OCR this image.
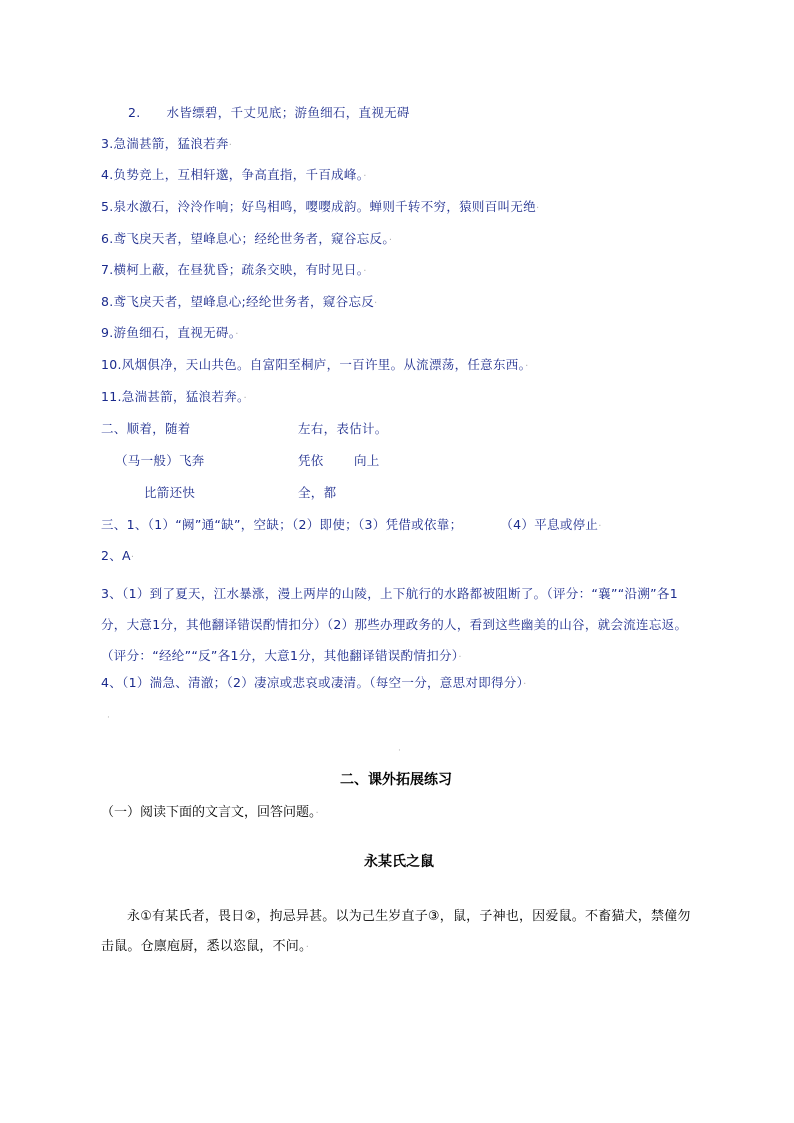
2. 水皆缥碧，千丈见底；游鱼细石，直视无碍
3.急湍甚箭，猛浪若奔·
4.负势竞上，互相轩邈，争高直指，千百成峰。·
5.泉水激石，泠泠作响；好鸟相鸣，嘤嘤成韵。蝉则千转不穷，猿则百叫无绝·
6.鸢飞戾天者，望峰息心；经纶世务者，窥谷忘反。·
7.横柯上蔽，在昼犹昏；疏条交映，有时见日。·
8.鸢飞戾天者，望峰息心;经纶世务者，窥谷忘反·
9.游鱼细石，直视无碍。·
10.风烟俱净，天山共色。自富阳至桐庐，一百许里。从流漂荡，任意东西。·
11.急湍甚箭，猛浪若奔。·
二、顺着，随着	左右，表估计。
（马一般）飞奔	凭依 向上
比箭还快	全，都
三、1、（1）“阙”通“缺”，空缺；（2）即使；（3）凭借或依靠；	（4）平息或停止·
2、A·
3、（1）到了夏天，江水暴涨，漫上两岸的山陵，上下航行的水路都被阻断了。（评分：“襄”“沿溯”各1分，大意1分，其他翻译错误酌情扣分）（2）那些办理政务的人，看到这些幽美的山谷，就会流连忘返。（评分：“经纶”“反”各1分，大意1分，其他翻译错误酌情扣分）·
4、（1）湍急、清澈；（2）凄凉或悲哀或凄清。（每空一分，意思对即得分）·
·
·
二、课外拓展练习
（一）阅读下面的文言文，回答问题。·
永某氏之鼠
永①有某氏者，畏日②，拘忌异甚。以为己生岁直子③，鼠，子神也，因爱鼠。不畜猫犬，禁僮勿击鼠。仓廪庖厨，悉以恣鼠，不问。·
